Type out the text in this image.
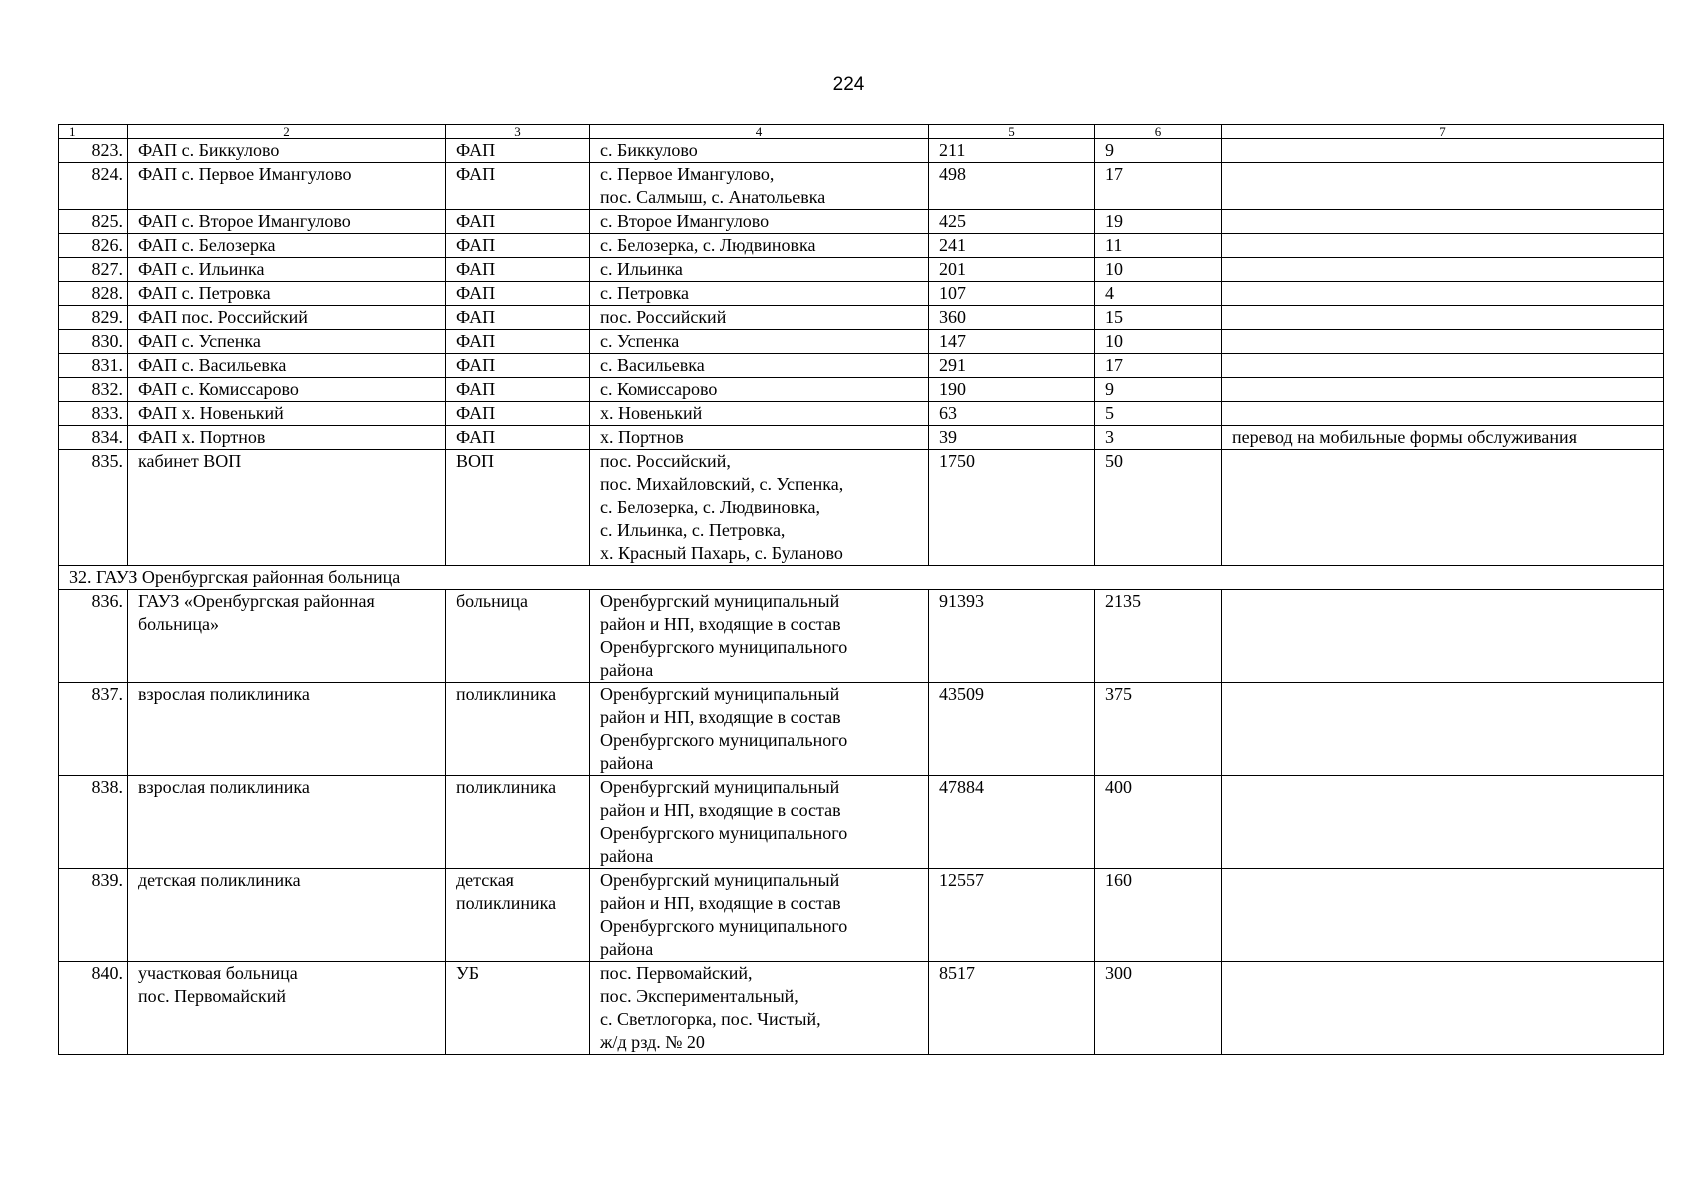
224
1	2	3	4	5	6	7
823.	ФАП с. Биккулово	ФАП	с. Биккулово	211	9	
824.	ФАП с. Первое Имангулово	ФАП	с. Первое Имангулово,
пос. Салмыш, с. Анатольевка	498	17	
825.	ФАП с. Второе Имангулово	ФАП	с. Второе Имангулово	425	19	
826.	ФАП с. Белозерка	ФАП	с. Белозерка, с. Людвиновка	241	11	
827.	ФАП с. Ильинка	ФАП	с. Ильинка	201	10	
828.	ФАП с. Петровка	ФАП	с. Петровка	107	4	
829.	ФАП пос. Российский	ФАП	пос. Российский	360	15	
830.	ФАП с. Успенка	ФАП	с. Успенка	147	10	
831.	ФАП с. Васильевка	ФАП	с. Васильевка	291	17	
832.	ФАП с. Комиссарово	ФАП	с. Комиссарово	190	9	
833.	ФАП х. Новенький	ФАП	х. Новенький	63	5	
834.	ФАП х. Портнов	ФАП	х. Портнов	39	3	перевод на мобильные формы обслуживания
835.	кабинет ВОП	ВОП	пос. Российский,
пос. Михайловский, с. Успенка,
с. Белозерка, с. Людвиновка,
с. Ильинка, с. Петровка,
х. Красный Пахарь, с. Буланово	1750	50	
32. ГАУЗ Оренбургская районная больница						
836.	ГАУЗ «Оренбургская районная
больница»	больница	Оренбургский муниципальный
район и НП, входящие в состав
Оренбургского муниципального
района	91393	2135	
837.	взрослая поликлиника	поликлиника	Оренбургский муниципальный
район и НП, входящие в состав
Оренбургского муниципального
района	43509	375	
838.	взрослая поликлиника	поликлиника	Оренбургский муниципальный
район и НП, входящие в состав
Оренбургского муниципального
района	47884	400	
839.	детская поликлиника	детская
поликлиника	Оренбургский муниципальный
район и НП, входящие в состав
Оренбургского муниципального
района	12557	160	
840.	участковая больница
пос. Первомайский	УБ	пос. Первомайский,
пос. Экспериментальный,
с. Светлогорка, пос. Чистый,
ж/д рзд. № 20	8517	300	
